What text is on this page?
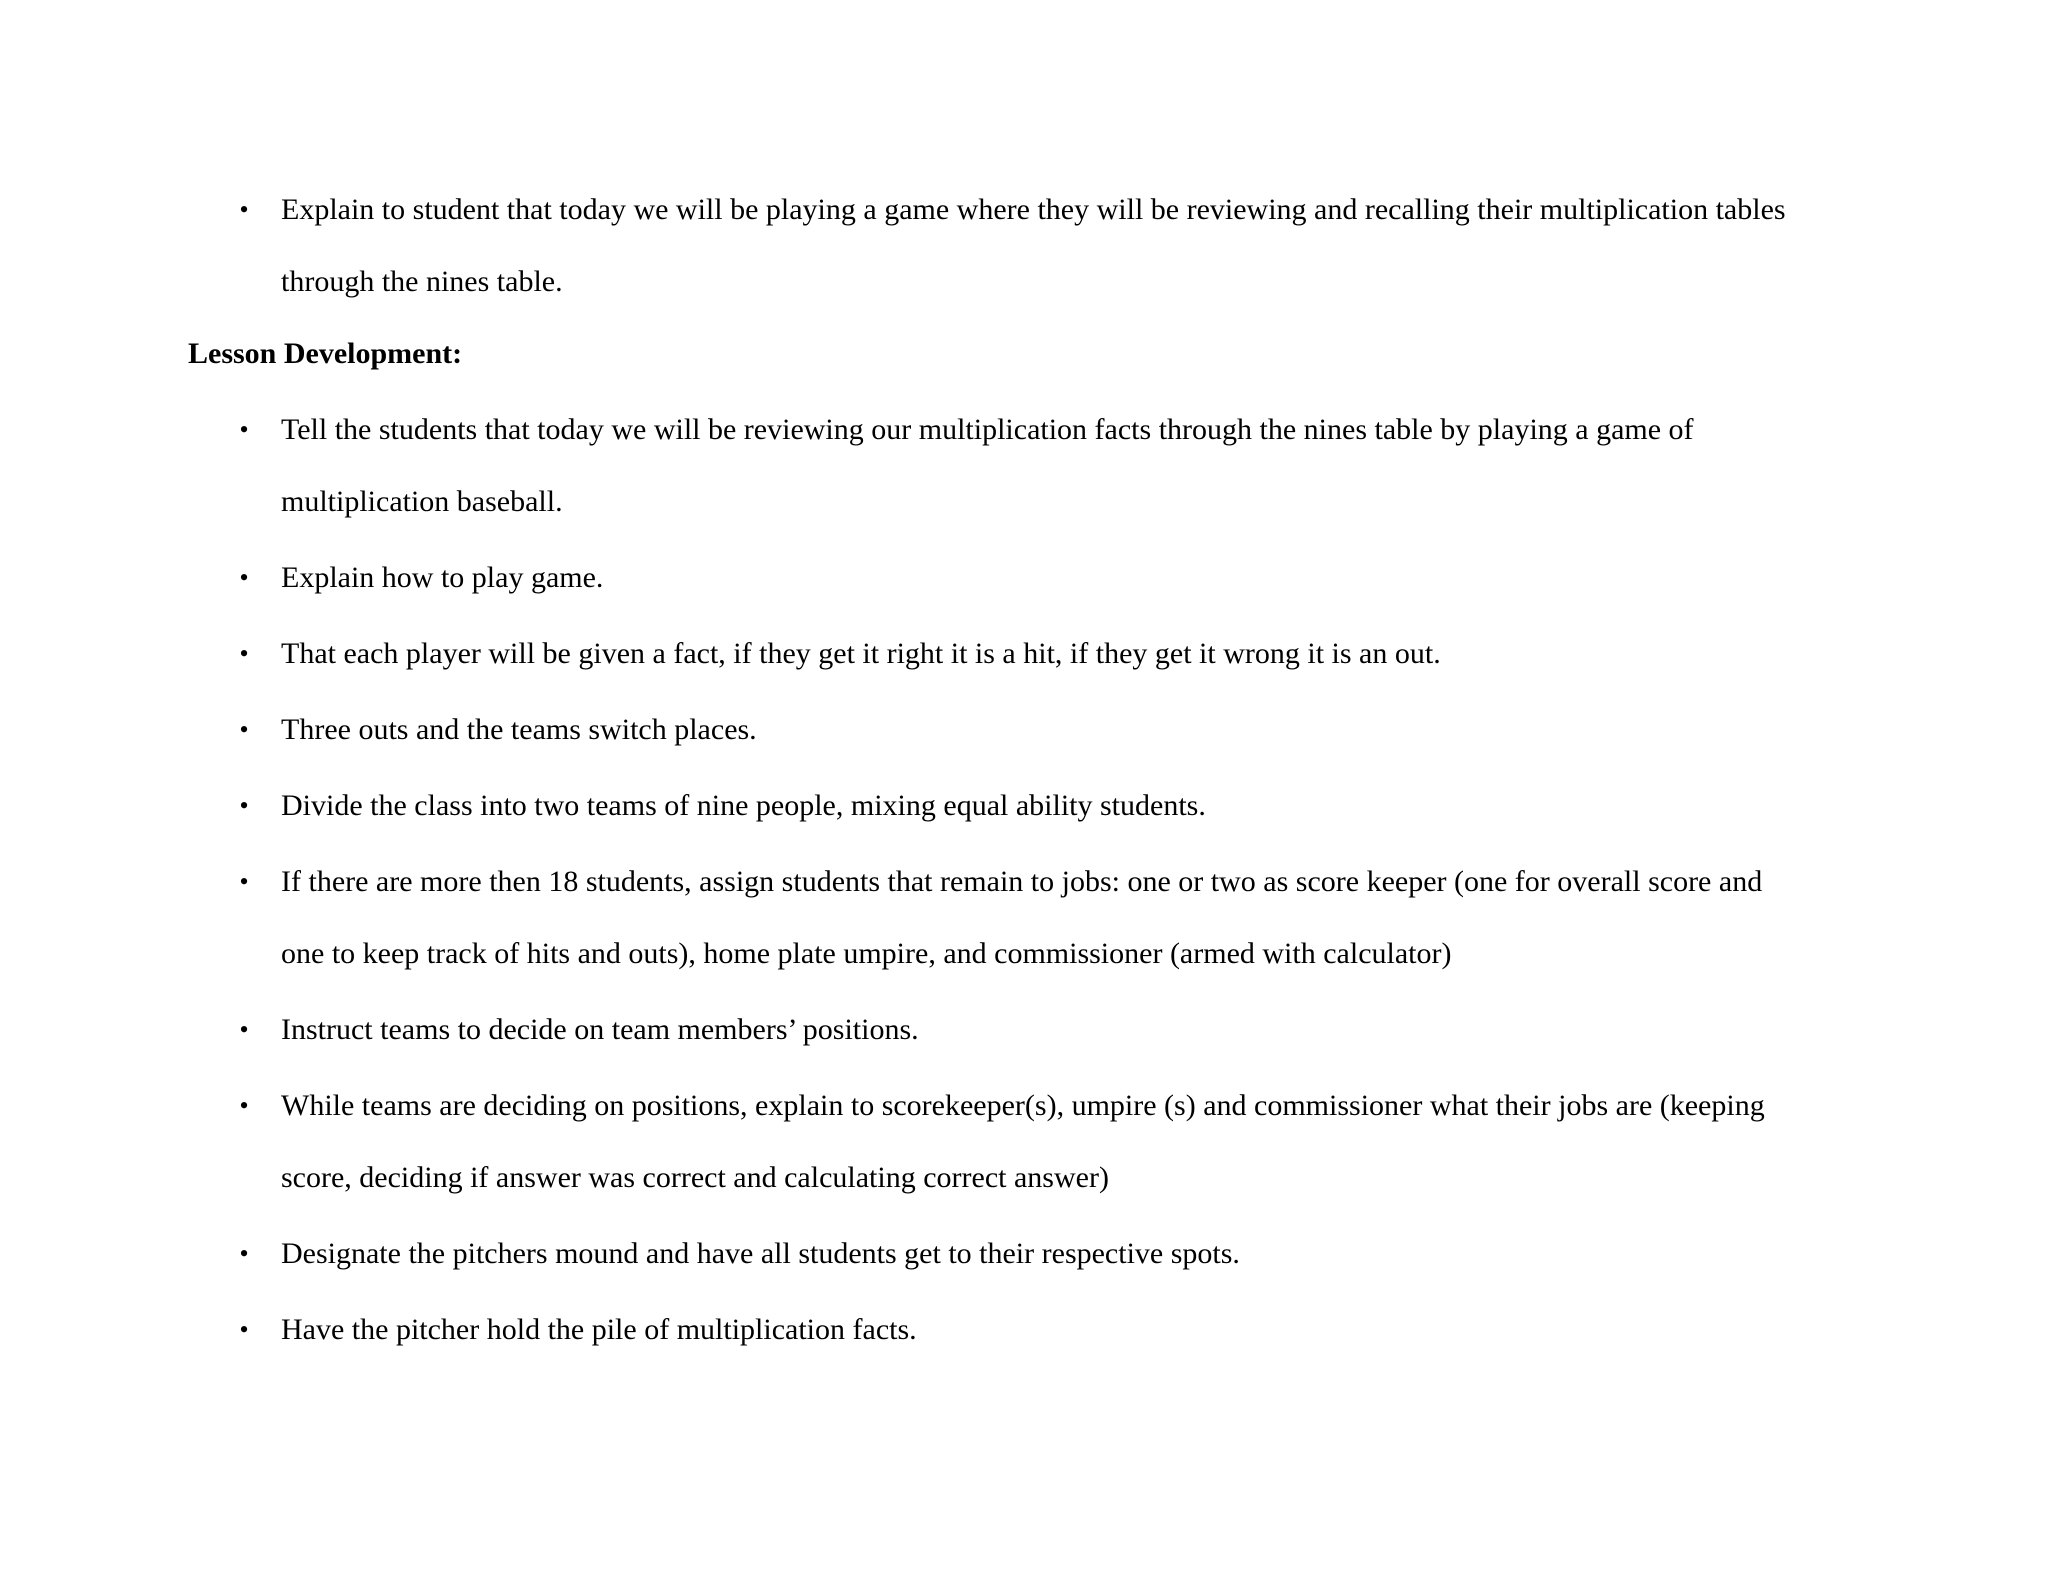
• Explain to student that today we will be playing a game where they will be reviewing and recalling their multiplication tables
through the nines table.
Lesson Development:
• Tell the students that today we will be reviewing our multiplication facts through the nines table by playing a game of
multiplication baseball.
• Explain how to play game.
• That each player will be given a fact, if they get it right it is a hit, if they get it wrong it is an out.
• Three outs and the teams switch places.
• Divide the class into two teams of nine people, mixing equal ability students.
• If there are more then 18 students, assign students that remain to jobs: one or two as score keeper (one for overall score and
one to keep track of hits and outs), home plate umpire, and commissioner (armed with calculator)
• Instruct teams to decide on team members’ positions.
• While teams are deciding on positions, explain to scorekeeper(s), umpire (s) and commissioner what their jobs are (keeping
score, deciding if answer was correct and calculating correct answer)
• Designate the pitchers mound and have all students get to their respective spots.
• Have the pitcher hold the pile of multiplication facts.
